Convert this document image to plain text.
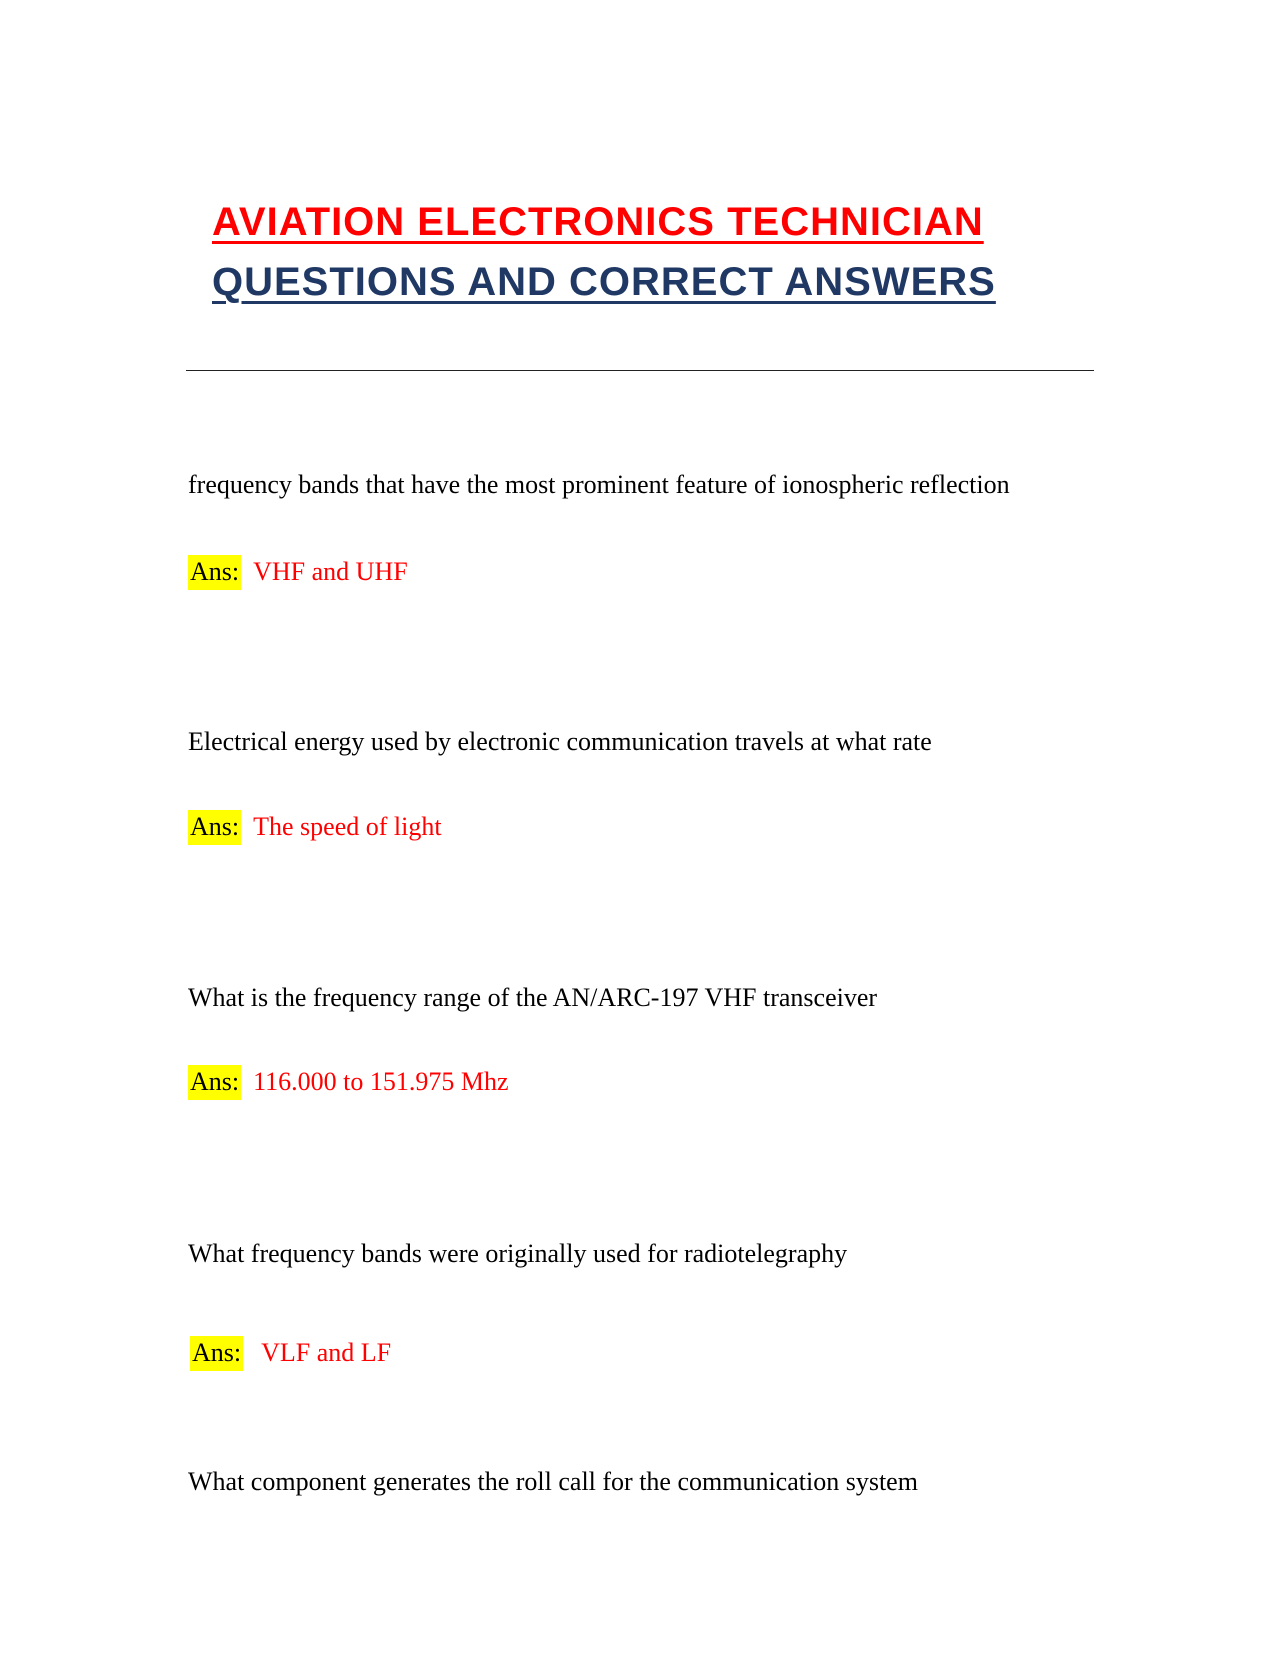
AVIATION ELECTRONICS TECHNICIAN
QUESTIONS AND CORRECT ANSWERS
frequency bands that have the most prominent feature of ionospheric reflection
Ans: VHF and UHF
Electrical energy used by electronic communication travels at what rate
Ans: The speed of light
What is the frequency range of the AN/ARC-197 VHF transceiver
Ans: 116.000 to 151.975 Mhz
What frequency bands were originally used for radiotelegraphy
Ans: VLF and LF
What component generates the roll call for the communication system
